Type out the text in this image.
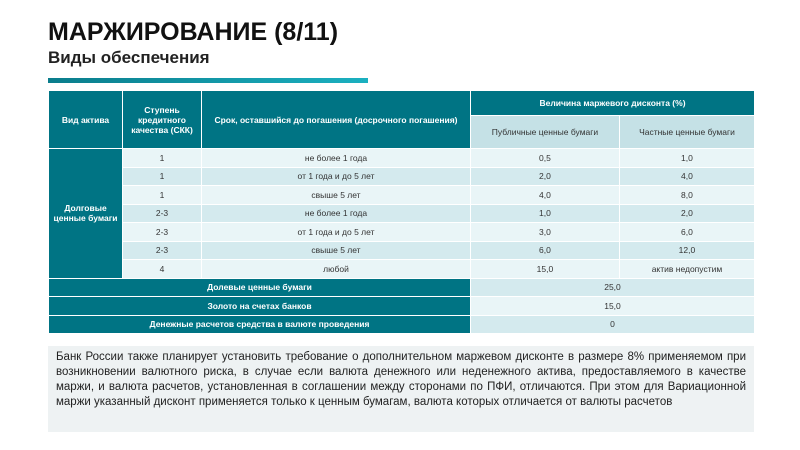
МАРЖИРОВАНИЕ (8/11)
Виды обеспечения
Вид актива	Ступень кредитного качества (СКК)	Срок, оставшийся до погашения (досрочного погашения)	Величина маржевого дисконта (%)	
			Публичные ценные бумаги	Частные ценные бумаги
Долговые ценные бумаги	1	не более 1 года	0,5	1,0
	1	от 1 года и до 5 лет	2,0	4,0
	1	свыше 5 лет	4,0	8,0
	2-3	не более 1 года	1,0	2,0
	2-3	от 1 года и до 5 лет	3,0	6,0
	2-3	свыше 5 лет	6,0	12,0
	4	любой	15,0	актив недопустим
Долевые ценные бумаги			25,0	
Золото на счетах банков			15,0	
Денежные расчетов средства в валюте проведения			0	
Банк России также планирует установить требование о дополнительном маржевом дисконте в размере 8% применяемом при возникновении валютного риска, в случае если валюта денежного или неденежного актива, предоставляемого в качестве маржи, и валюта расчетов, установленная в соглашении между сторонами по ПФИ, отличаются. При этом для Вариационной маржи указанный дисконт применяется только к ценным бумагам, валюта которых отличается от валюты расчетов
